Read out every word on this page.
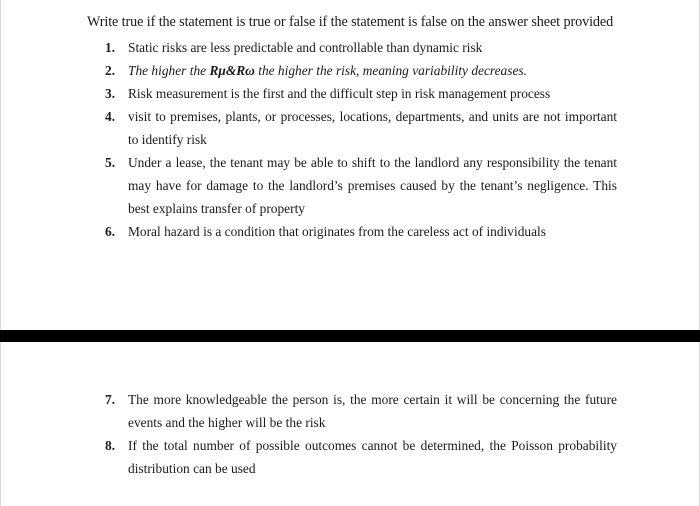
Write true if the statement is true or false if the statement is false on the answer sheet provided
1. Static risks are less predictable and controllable than dynamic risk
2. The higher the Rμ&Rω the higher the risk, meaning variability decreases.
3. Risk measurement is the first and the difficult step in risk management process
4. visit to premises, plants, or processes, locations, departments, and units are not important to identify risk
5. Under a lease, the tenant may be able to shift to the landlord any responsibility the tenant may have for damage to the landlord’s premises caused by the tenant’s negligence. This best explains transfer of property
6. Moral hazard is a condition that originates from the careless act of individuals
7. The more knowledgeable the person is, the more certain it will be concerning the future events and the higher will be the risk
8. If the total number of possible outcomes cannot be determined, the Poisson probability distribution can be used
